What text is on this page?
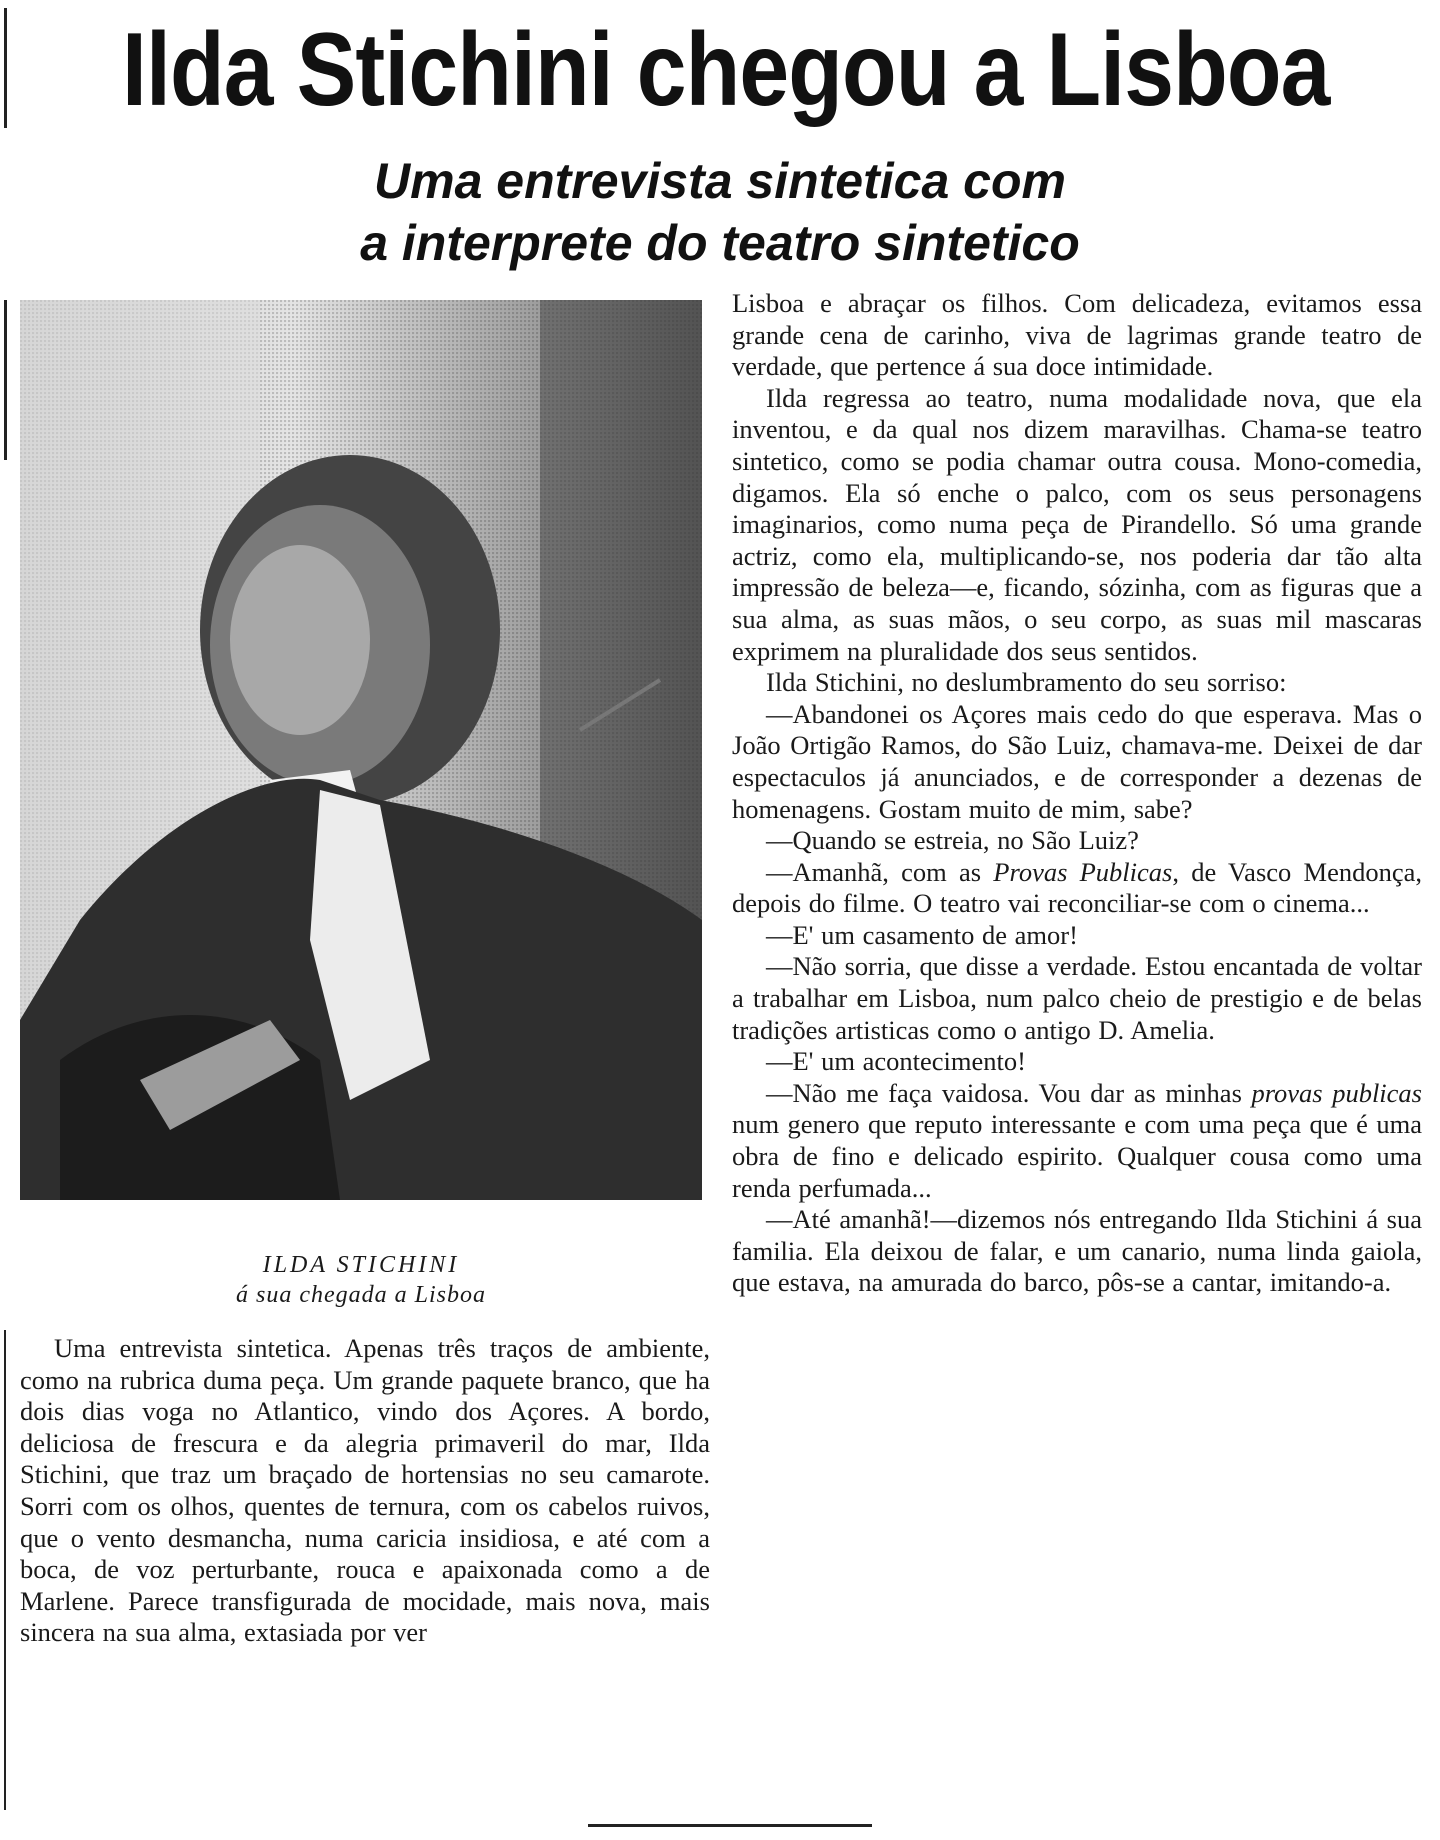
Ilda Stichini chegou a Lisboa
Uma entrevista sintetica com
a interprete do teatro sintetico
ILDA STICHINI
á sua chegada a Lisboa

Uma entrevista sintetica. Apenas três traços de ambiente, como na rubrica duma peça. Um grande paquete branco, que ha dois dias voga no Atlantico, vindo dos Açores. A bordo, deliciosa de frescura e da alegria primaveril do mar, Ilda Stichini, que traz um braçado de hortensias no seu camarote. Sorri com os olhos, quentes de ternura, com os cabelos ruivos, que o vento desmancha, numa caricia insidiosa, e até com a boca, de voz perturbante, rouca e apaixonada como a de Marlene. Parece transfigurada de mocidade, mais nova, mais sincera na sua alma, extasiada por ver

Lisboa e abraçar os filhos. Com delicadeza, evitamos essa grande cena de carinho, viva de lagrimas grande teatro de verdade, que pertence á sua doce intimidade.

Ilda regressa ao teatro, numa modalidade nova, que ela inventou, e da qual nos dizem maravilhas. Chama-se teatro sintetico, como se podia chamar outra cousa. Mono-comedia, digamos. Ela só enche o palco, com os seus personagens imaginarios, como numa peça de Pirandello. Só uma grande actriz, como ela, multiplicando-se, nos poderia dar tão alta impressão de beleza—e, ficando, sózinha, com as figuras que a sua alma, as suas mãos, o seu corpo, as suas mil mascaras exprimem na pluralidade dos seus sentidos.

Ilda Stichini, no deslumbramento do seu sorriso:

—Abandonei os Açores mais cedo do que esperava. Mas o João Ortigão Ramos, do São Luiz, chamava-me. Deixei de dar espectaculos já anunciados, e de corresponder a dezenas de homenagens. Gostam muito de mim, sabe?

—Quando se estreia, no São Luiz?

—Amanhã, com as Provas Publicas, de Vasco Mendonça, depois do filme. O teatro vai reconciliar-se com o cinema...

—E' um casamento de amor!

—Não sorria, que disse a verdade. Estou encantada de voltar a trabalhar em Lisboa, num palco cheio de prestigio e de belas tradições artisticas como o antigo D. Amelia.

—E' um acontecimento!

—Não me faça vaidosa. Vou dar as minhas provas publicas num genero que reputo interessante e com uma peça que é uma obra de fino e delicado espirito. Qualquer cousa como uma renda perfumada...

—Até amanhã!—dizemos nós entregando Ilda Stichini á sua familia. Ela deixou de falar, e um canario, numa linda gaiola, que estava, na amurada do barco, pôs-se a cantar, imitando-a.
